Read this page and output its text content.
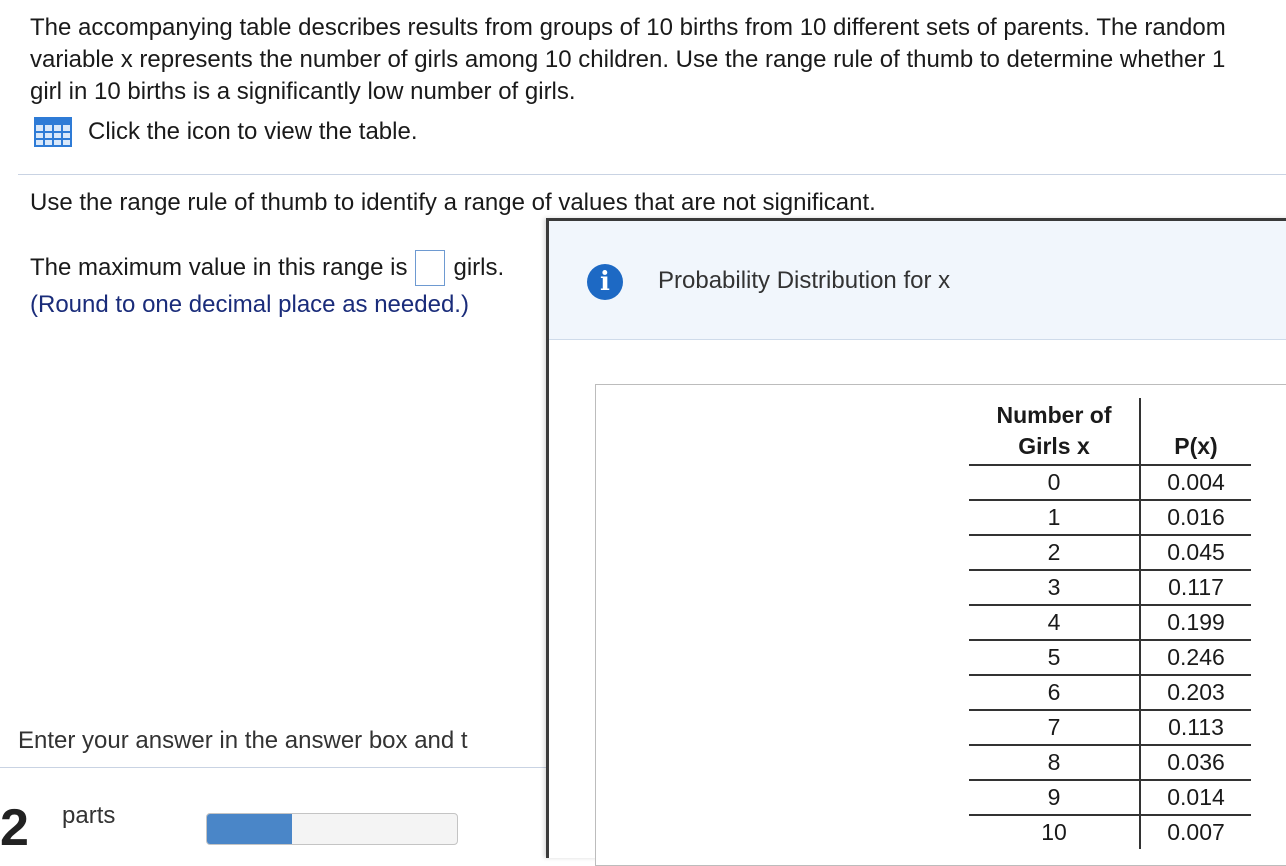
The accompanying table describes results from groups of 10 births from 10 different sets of parents. The random variable x represents the number of girls among 10 children. Use the range rule of thumb to determine whether 1 girl in 10 births is a significantly low number of girls.
Click the icon to view the table.
Use the range rule of thumb to identify a range of values that are not significant.
The maximum value in this range is girls.
(Round to one decimal place as needed.)
Enter your answer in the answer box and t
2 parts
i	Probability Distribution for x
Number of
Girls x	P(x)
0	0.004
1	0.016
2	0.045
3	0.117
4	0.199
5	0.246
6	0.203
7	0.113
8	0.036
9	0.014
10	0.007
